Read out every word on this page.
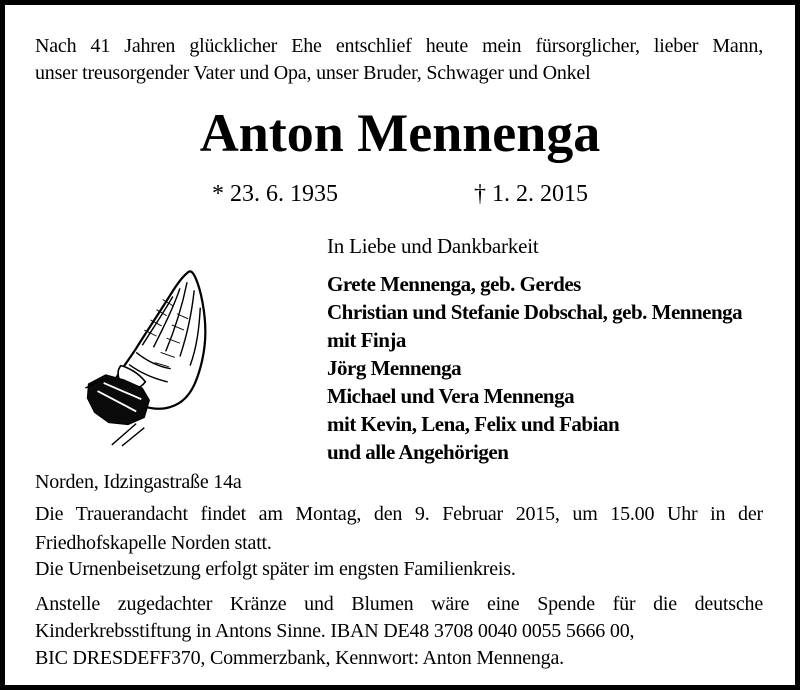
Nach 41 Jahren glücklicher Ehe entschlief heute mein fürsorglicher, lieber Mann,
unser treusorgender Vater und Opa, unser Bruder, Schwager und Onkel
Anton Mennenga
* 23. 6. 1935	† 1. 2. 2015
In Liebe und Dankbarkeit
Grete Mennenga, geb. Gerdes
Christian und Stefanie Dobschal, geb. Mennenga
mit Finja
Jörg Mennenga
Michael und Vera Mennenga
mit Kevin, Lena, Felix und Fabian
und alle Angehörigen
Norden, Idzingastraße 14a
Die Trauerandacht findet am Montag, den 9. Februar 2015, um 15.00 Uhr in der
Friedhofskapelle Norden statt.
Die Urnenbeisetzung erfolgt später im engsten Familienkreis.
Anstelle zugedachter Kränze und Blumen wäre eine Spende für die deutsche
Kinderkrebsstiftung in Antons Sinne. IBAN DE48 3708 0040 0055 5666 00,
BIC DRESDEFF370, Commerzbank, Kennwort: Anton Mennenga.
